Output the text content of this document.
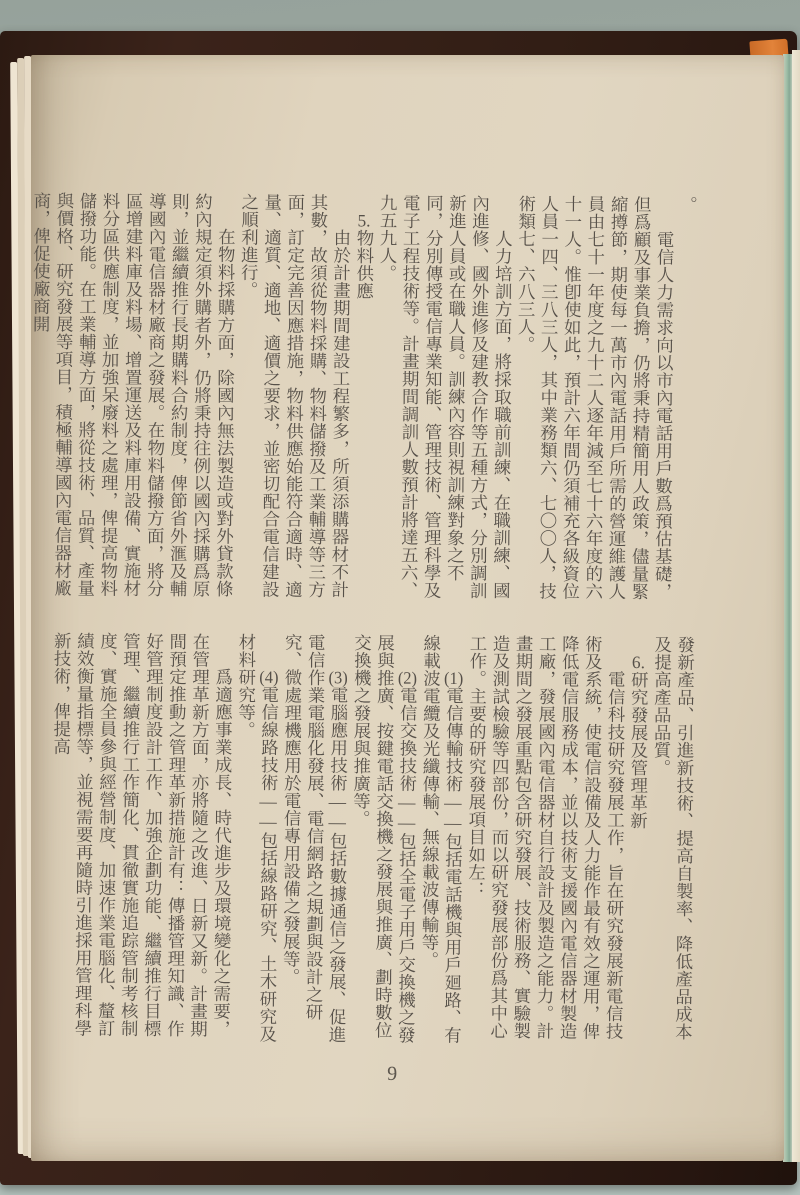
。

電信人力需求向以市內電話用戶數爲預估基礎，但爲顧及事業負擔，仍將秉持精簡用人政策，儘量緊縮撙節，期使每一萬市內電話用戶所需的營運維護人員由七十一年度之九十二人逐年減至七十六年度的六十一人。惟卽使如此，預計六年間仍須補充各級資位人員一四、三八三人，其中業務類六、七〇〇人，技術類七、六八三人。

人力培訓方面，將採取職前訓練、在職訓練、國內進修、國外進修及建教合作等五種方式，分別調訓新進人員或在職人員。訓練內容則視訓練對象之不同，分別傳授電信專業知能、管理技術、管理科學及電子工程技術等。計畫期間調訓人數預計將達五六、九五九人。

5.物料供應

由於計畫期間建設工程繁多，所須添購器材不計其數，故須從物料採購、物料儲撥及工業輔導等三方面，訂定完善因應措施，物料供應始能符合適時、適量、適質、適地、適價之要求，並密切配合電信建設之順利進行。

在物料採購方面，除國內無法製造或對外貸款條約內規定須外購者外，仍將秉持往例以國內採購爲原則，並繼續推行長期購料合約制度，俾節省外滙及輔導國內電信器材廠商之發展。在物料儲撥方面，將分區增建料庫及料場、增置運送及料庫用設備、實施材料分區供應制度，並加強呆廢料之處理，俾提高物料儲撥功能。在工業輔導方面，將從技術、品質、產量與價格、研究發展等項目，積極輔導國內電信器材廠商，俾促使廠商開

發新產品、引進新技術、提高自製率、降低產品成本及提高產品品質。

6.研究發展及管理革新

電信科技研究發展工作，旨在研究發展新電信技術及系統，使電信設備及人力能作最有效之運用，俾降低電信服務成本，並以技術支援國內電信器材製造工廠，發展國內電信器材自行設計及製造之能力。計畫期間之發展重點包含研究發展、技術服務、實驗製造及測試檢驗等四部份，而以研究發展部份爲其中心工作。主要的研究發展項目如左：

(1)電信傳輸技術——包括電話機與用戶廻路、有線載波電纜及光纖傳輸、無線載波傳輸等。

(2)電信交換技術——包括全電子用戶交換機之發展與推廣、按鍵電話交換機之發展與推廣、劃時數位交換機之發展與推廣等。

(3)電腦應用技術——包括數據通信之發展、促進電信作業電腦化發展、電信網路之規劃與設計之研究、微處理機應用於電信專用設備之發展等。

(4)電信線路技術——包括線路研究、土木研究及材料研究等。

爲適應事業成長、時代進步及環境變化之需要，在管理革新方面，亦將隨之改進、日新又新。計畫期間預定推動之管理革新措施計有：傳播管理知識、作好管理制度設計工作、加強企劃功能、繼續推行目標管理、繼續推行工作簡化、貫徹實施追踪管制考核制度、實施全員參與經營制度、加速作業電腦化、釐訂績效衡量指標等，並視需要再隨時引進採用管理科學新技術，俾提高

9
